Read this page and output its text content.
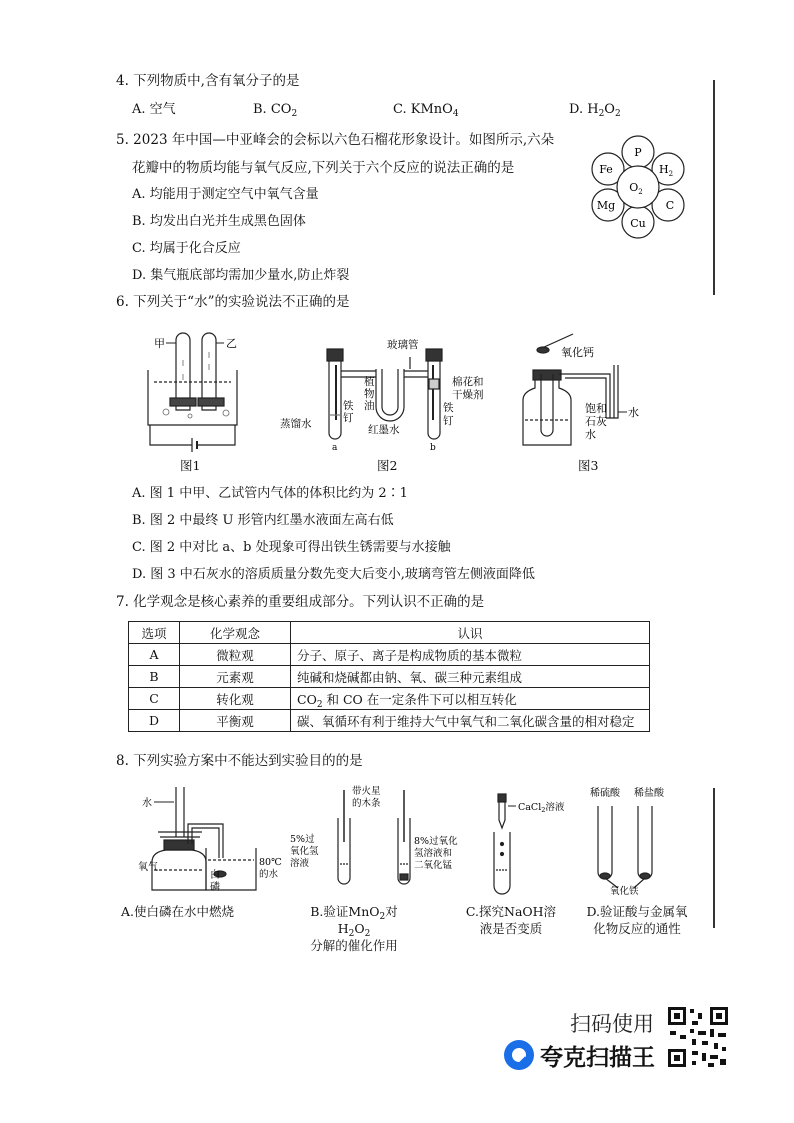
4. 下列物质中,含有氧分子的是
A. 空气	B. $CO_2$	C. KMnO$_4$	D. $H_2O_2$
5. 2023 年中国—中亚峰会的会标以六色石榴花形象设计。如图所示,六朵
花瓣中的物质均能与氧气反应,下列关于六个反应的说法正确的是
A. 均能用于测定空气中氧气含量
B. 均发出白光并生成黑色固体
C. 均属于化合反应
D. 集气瓶底部均需加少量水,防止炸裂
P
$H_2$
C
Cu
Mg
Fe
$O_2$
6. 下列关于“水”的实验说法不正确的是
甲	乙
图1
玻璃管
植
物
油
铁
钉
蒸馏水
a
红墨水
棉花和
干燥剂
铁
钉
b
图2
氧化钙
饱和
石灰
水
水
图3
A. 图 1 中甲、乙试管内气体的体积比约为 2∶1
B. 图 2 中最终 U 形管内红墨水液面左高右低
C. 图 2 中对比 a、b 处现象可得出铁生锈需要与水接触
D. 图 3 中石灰水的溶质质量分数先变大后变小,玻璃弯管左侧液面降低
7. 化学观念是核心素养的重要组成部分。下列认识不正确的是
选项	化学观念	认识
A	微粒观	分子、原子、离子是构成物质的基本微粒
B	元素观	纯碱和烧碱都由钠、氧、碳三种元素组成
C	转化观	$CO_2$ 和 CO 在一定条件下可以相互转化
D	平衡观	碳、氧循环有利于维持大气中氧气和二氧化碳含量的相对稳定
8. 下列实验方案中不能达到实验目的的是
水
氧气
白
磷
80℃
的水
A.使白磷在水中燃烧
带火星
的木条
5%过
氧化氢
溶液
8%过氧化
氢溶液和
二氧化锰
B.验证MnO$_2$对$H_2O_2$
分解的催化作用
CaCl$_2$溶液
C.探究NaOH溶
液是否变质
稀硫酸 稀盐酸
氧化铁
D.验证酸与金属氧
化物反应的通性
扫码使用
夸克扫描王
